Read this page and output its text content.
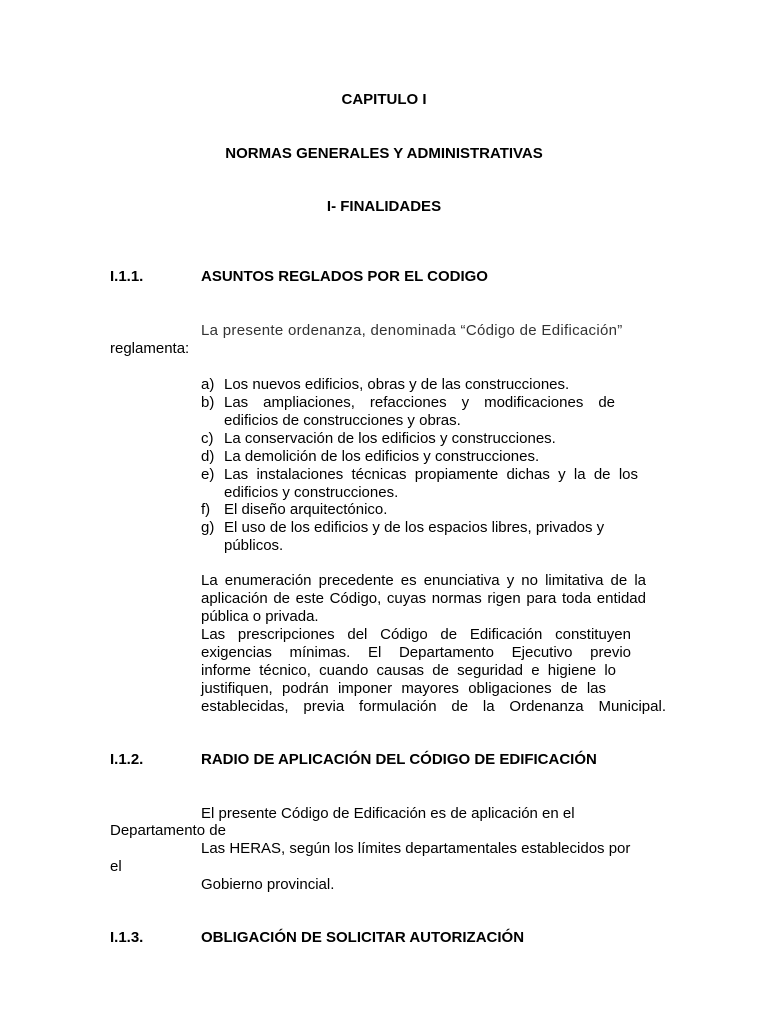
CAPITULO I
NORMAS GENERALES Y ADMINISTRATIVAS
I- FINALIDADES
I.1.1.	ASUNTOS REGLADOS POR EL CODIGO
La presente ordenanza, denominada “Código de Edificación”
reglamenta:
a) Los nuevos edificios, obras y de las construcciones.
b) Las ampliaciones, refacciones y modificaciones de
edificios de construcciones y obras.
c) La conservación de los edificios y construcciones.
d) La demolición de los edificios y construcciones.
e) Las instalaciones técnicas propiamente dichas y la de los
edificios y construcciones.
f) El diseño arquitectónico.
g) El uso de los edificios y de los espacios libres, privados y
públicos.
La enumeración precedente es enunciativa y no limitativa de la
aplicación de este Código, cuyas normas rigen para toda entidad
pública o privada.
Las prescripciones del Código de Edificación constituyen
exigencias mínimas. El Departamento Ejecutivo previo
informe técnico, cuando causas de seguridad e higiene lo
justifiquen, podrán imponer mayores obligaciones de las
establecidas, previa formulación de la Ordenanza Municipal.
I.1.2.	RADIO DE APLICACIÓN DEL CÓDIGO DE EDIFICACIÓN
El presente Código de Edificación es de aplicación en el
Departamento de
Las HERAS, según los límites departamentales establecidos por
el
Gobierno provincial.
I.1.3.	OBLIGACIÓN DE SOLICITAR AUTORIZACIÓN
